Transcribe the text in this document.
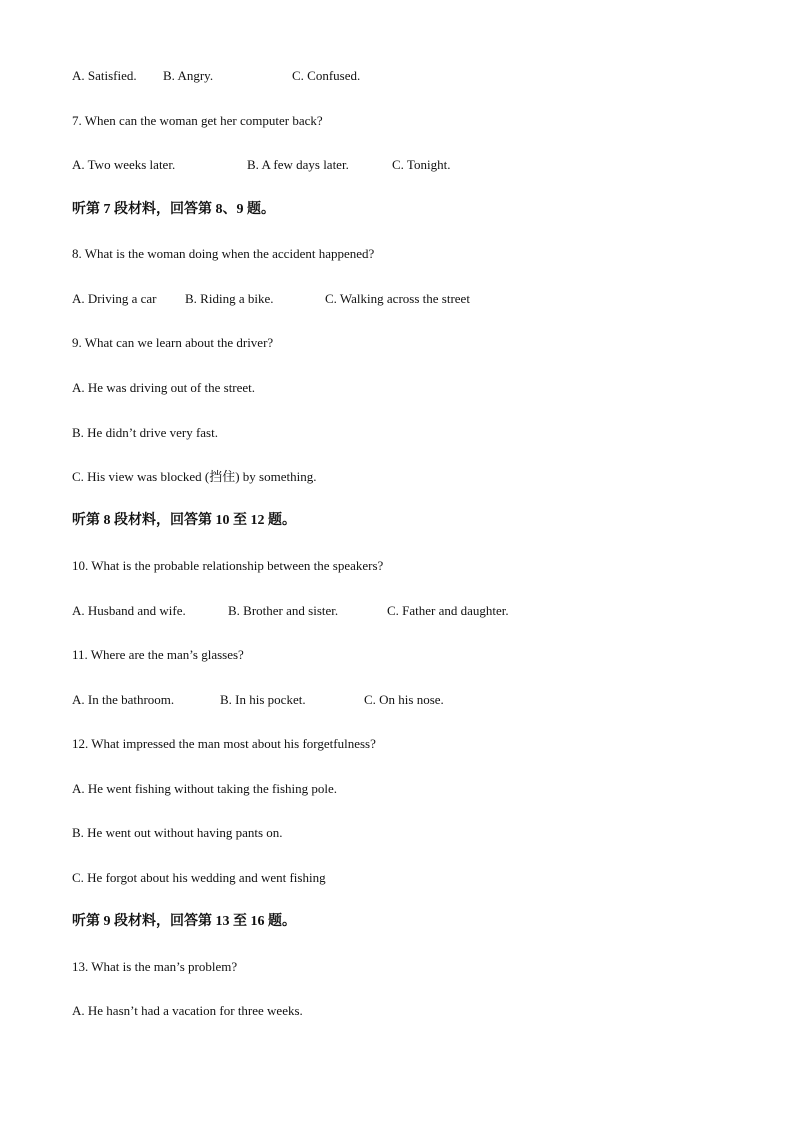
A. Satisfied. B. Angry.	C. Confused.
7. When can the woman get her computer back?
A. Two weeks later.	B. A few days later.	C. Tonight.
听第 7 段材料，回答第 8、9 题。
8. What is the woman doing when the accident happened?
A. Driving a car B. Riding a bike.	C. Walking across the street
9. What can we learn about the driver?
A. He was driving out of the street.
B. He didn’t drive very fast.
C. His view was blocked (挡住) by something.
听第 8 段材料，回答第 10 至 12 题。
10. What is the probable relationship between the speakers?
A. Husband and wife.	B. Brother and sister.	C. Father and daughter.
11. Where are the man’s glasses?
A. In the bathroom.	B. In his pocket.	C. On his nose.
12. What impressed the man most about his forgetfulness?
A. He went fishing without taking the fishing pole.
B. He went out without having pants on.
C. He forgot about his wedding and went fishing
听第 9 段材料，回答第 13 至 16 题。
13. What is the man’s problem?
A. He hasn’t had a vacation for three weeks.
